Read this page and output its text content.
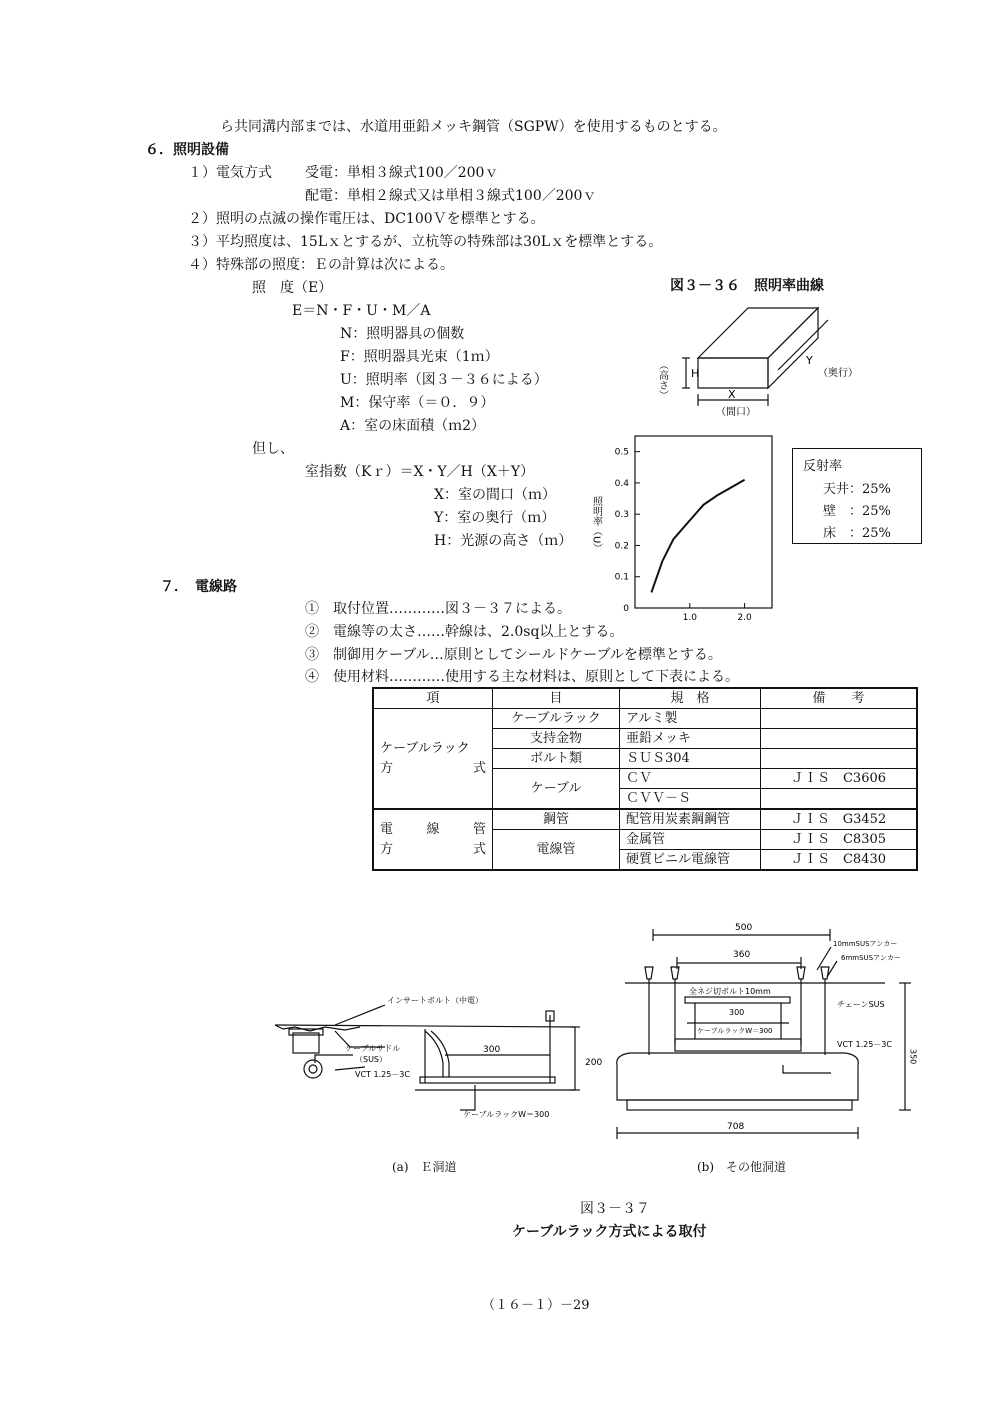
ら共同溝内部までは、水道用亜鉛メッキ鋼管（SGPW）を使用するものとする。
６．照明設備
１）電気方式 受電：単相３線式100／200ｖ
配電：単相２線式又は単相３線式100／200ｖ
２）照明の点滅の操作電圧は、DC100Ｖを標準とする。
３）平均照度は、15Lｘとするが、立杭等の特殊部は30Lｘを標準とする。
４）特殊部の照度：Ｅの計算は次による。
照　度（E）
E＝N・F・U・M／A
N：照明器具の個数
F：照明器具光束（1ｍ）
U：照明率（図３－３６による）
M：保守率（＝０．９）
A：室の床面積（ｍ2）
但し、
室指数（Kｒ）＝X・Y／H（X＋Y）
X：室の間口（ｍ）
Y：室の奥行（ｍ）
H：光源の高さ（ｍ）
図３－３６　照明率曲線
（高さ） H
X
（間口）
Y
（奥行）
0
0.1
0.2
0.3
0.4
0.5
1.0	2.0
照明率（U）
反射率
天井：25%
壁　：25%
床　：25%
７．　電線路
①　取付位置…………図３－３７による。
②　電線等の太さ……幹線は、2.0sq以上とする。
③　制御用ケーブル…原則としてシールドケーブルを標準とする。
④　使用材料…………使用する主な材料は、原則として下表による。
項	目	規　格	備　　考

ケーブルラック
方　　　　式	ケーブルラック	アルミ製	
	支持金物	亜鉛メッキ	
	ボルト類	ＳＵＳ304	
	ケーブル	ＣＶ	ＪＩＳ　C3606
		ＣＶＶ－Ｓ	

電　　線　　管
方　　　　式	鋼管	配管用炭素鋼鋼管	ＪＩＳ　G3452
	電線管	金属管	ＪＩＳ　C8305
		硬質ビニル電線管	ＪＩＳ　C8430
インサートボルト（中電）
ケーブルサドル
（SUS）
VCT 1.25－3C
300
200
ケーブルラックW＝300
(a)　Ｅ洞道
500
360
10mmSUSアンカー
6mmSUSアンカー
全ネジ切ボルト10mm
300
ケーブルラックW＝300
チェーンSUS
VCT 1.25－3C
350
708
(b)　その他洞道
図３－３７
ケーブルラック方式による取付
（１６－１）－29
